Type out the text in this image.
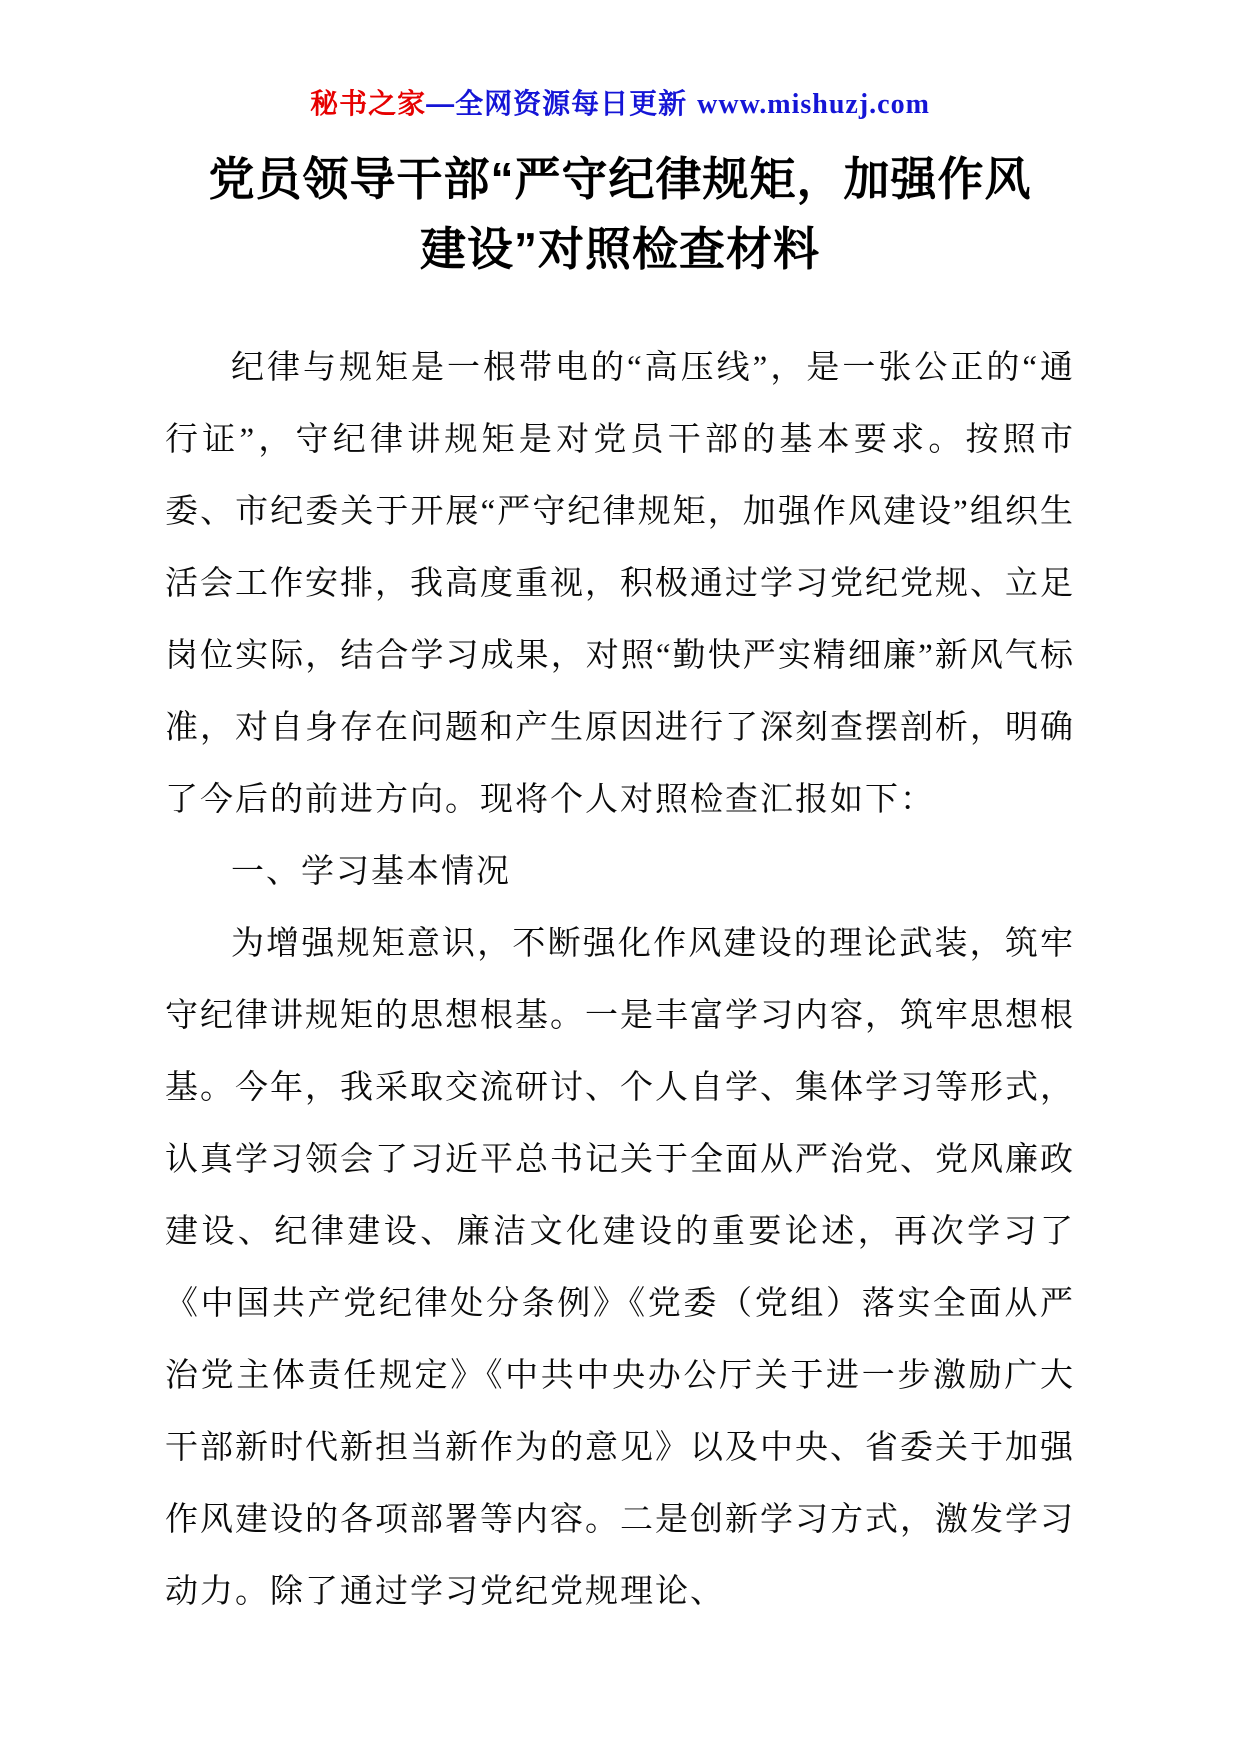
秘书之家—全网资源每日更新 www.mishuzj.com
党员领导干部“严守纪律规矩，加强作风建设”对照检查材料

纪律与规矩是一根带电的“高压线”，是一张公正的“通行证”，守纪律讲规矩是对党员干部的基本要求。按照市委、市纪委关于开展“严守纪律规矩，加强作风建设”组织生活会工作安排，我高度重视，积极通过学习党纪党规、立足岗位实际，结合学习成果，对照“勤快严实精细廉”新风气标准，对自身存在问题和产生原因进行了深刻查摆剖析，明确了今后的前进方向。现将个人对照检查汇报如下：

一、学习基本情况

为增强规矩意识，不断强化作风建设的理论武装，筑牢守纪律讲规矩的思想根基。一是丰富学习内容，筑牢思想根基。今年，我采取交流研讨、个人自学、集体学习等形式，认真学习领会了习近平总书记关于全面从严治党、党风廉政建设、纪律建设、廉洁文化建设的重要论述，再次学习了《中国共产党纪律处分条例》《党委（党组）落实全面从严治党主体责任规定》《中共中央办公厅关于进一步激励广大干部新时代新担当新作为的意见》以及中央、省委关于加强作风建设的各项部署等内容。二是创新学习方式，激发学习动力。除了通过学习党纪党规理论、
